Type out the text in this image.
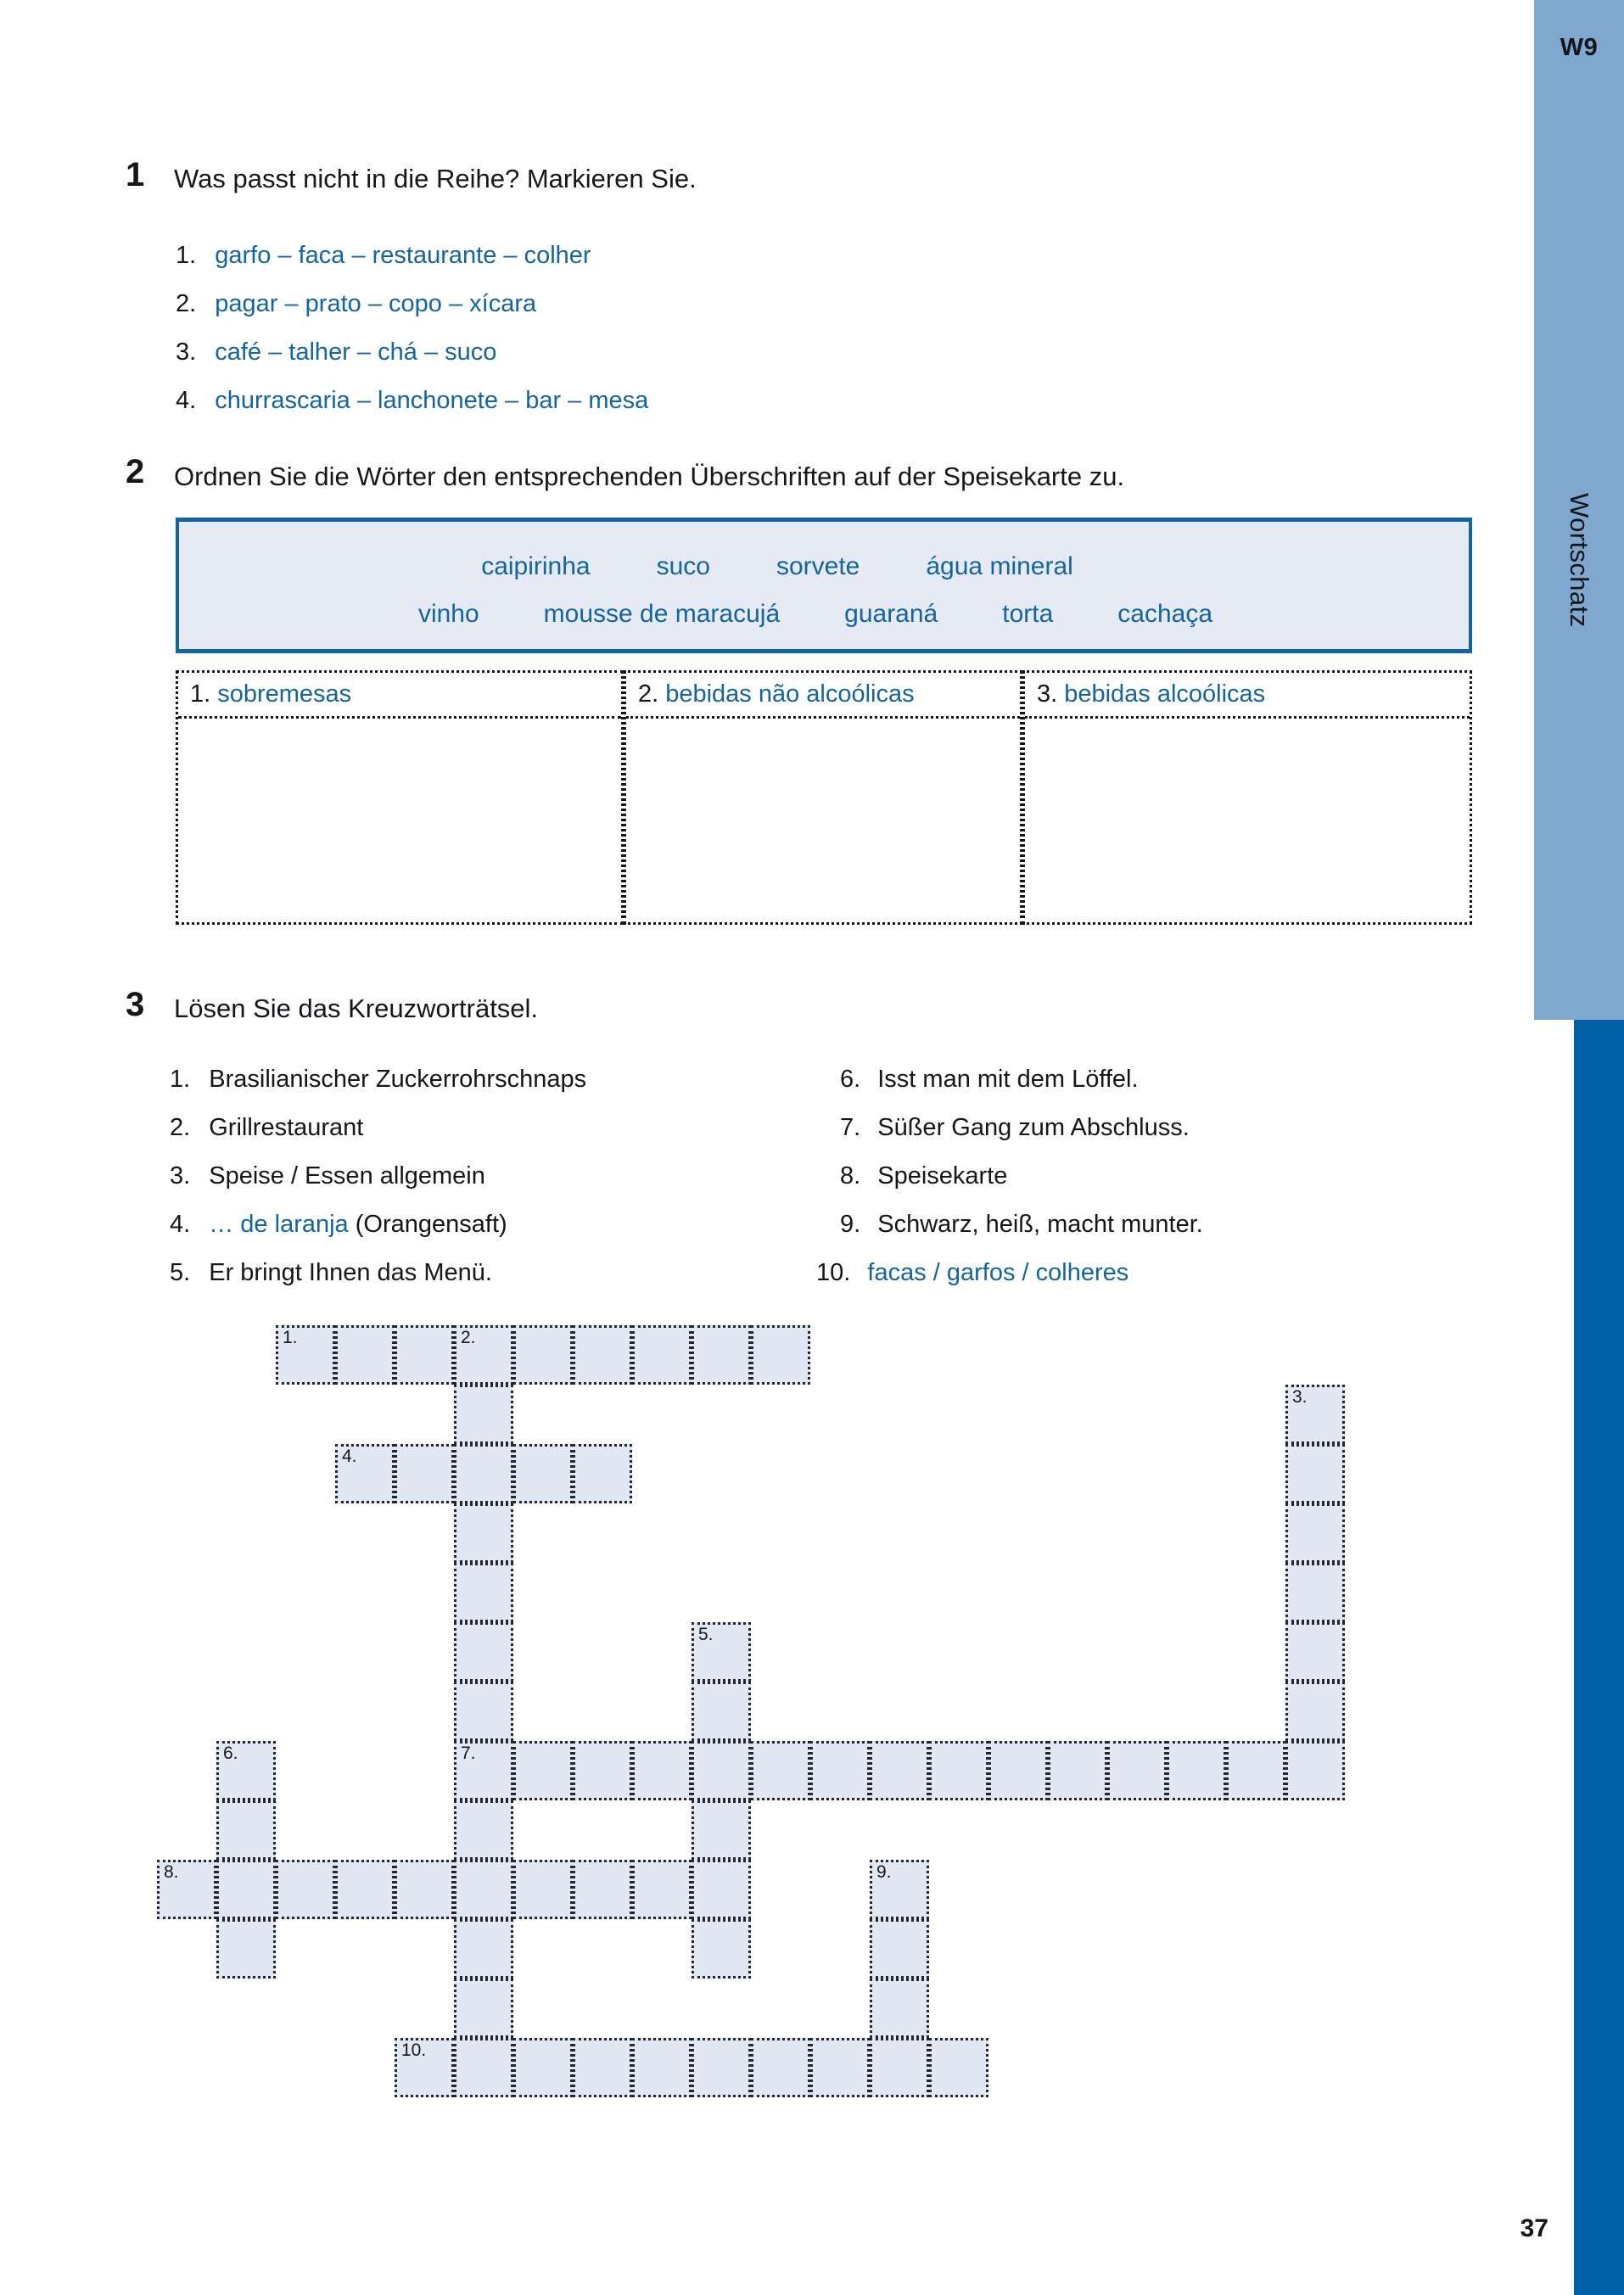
W9
Wortschatz
37
1 Was passt nicht in die Reihe? Markieren Sie.
1. garfo – faca – restaurante – colher
2. pagar – prato – copo – xícara
3. café – talher – chá – suco
4. churrascaria – lanchonete – bar – mesa
2 Ordnen Sie die Wörter den entsprechenden Überschriften auf der Speisekarte zu.
caipirinha	suco	sorvete	água mineral
vinho	mousse de maracujá	guaraná	torta	cachaça
1. sobremesas	2. bebidas não alcoólicas	3. bebidas alcoólicas
3 Lösen Sie das Kreuzworträtsel.
1. Brasilianischer Zuckerrohrschnaps
2. Grillrestaurant
3. Speise / Essen allgemein
4. … de laranja (Orangensaft)
5. Er bringt Ihnen das Menü.
6. Isst man mit dem Löffel.
7. Süßer Gang zum Abschluss.
8. Speisekarte
9. Schwarz, heiß, macht munter.
10. facas / garfos / colheres
1.	2.
3.
4.
5.
6.	7.
8.	9.
10.
